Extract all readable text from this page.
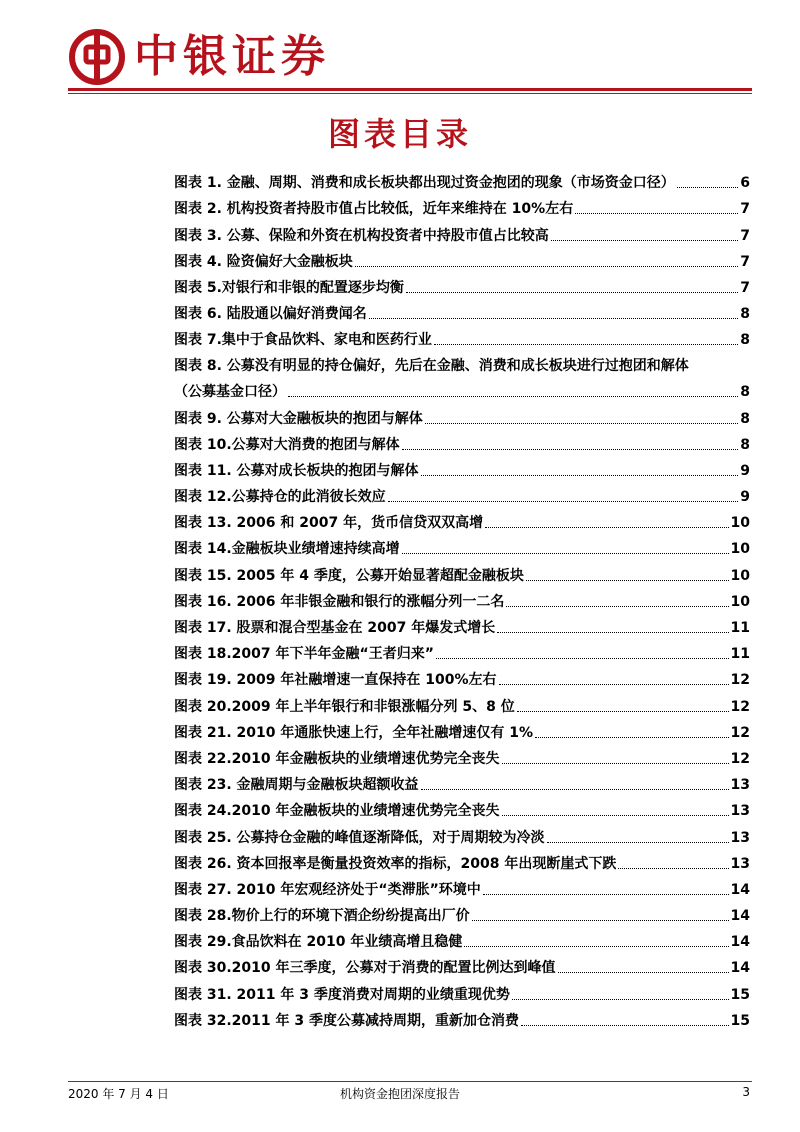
中银证券
图表目录
图表 1. 金融、周期、消费和成长板块都出现过资金抱团的现象（市场资金口径）	6
图表 2. 机构投资者持股市值占比较低，近年来维持在 10%左右	7
图表 3. 公募、保险和外资在机构投资者中持股市值占比较高	7
图表 4. 险资偏好大金融板块	7
图表 5.对银行和非银的配置逐步均衡	7
图表 6. 陆股通以偏好消费闻名	8
图表 7.集中于食品饮料、家电和医药行业	8
图表 8. 公募没有明显的持仓偏好，先后在金融、消费和成长板块进行过抱团和解体
（公募基金口径）	8
图表 9. 公募对大金融板块的抱团与解体	8
图表 10.公募对大消费的抱团与解体	8
图表 11. 公募对成长板块的抱团与解体	9
图表 12.公募持仓的此消彼长效应	9
图表 13. 2006 和 2007 年，货币信贷双双高增	10
图表 14.金融板块业绩增速持续高增	10
图表 15. 2005 年 4 季度，公募开始显著超配金融板块	10
图表 16. 2006 年非银金融和银行的涨幅分列一二名	10
图表 17. 股票和混合型基金在 2007 年爆发式增长	11
图表 18.2007 年下半年金融“王者归来”	11
图表 19. 2009 年社融增速一直保持在 100%左右	12
图表 20.2009 年上半年银行和非银涨幅分列 5、8 位	12
图表 21. 2010 年通胀快速上行，全年社融增速仅有 1%	12
图表 22.2010 年金融板块的业绩增速优势完全丧失	12
图表 23. 金融周期与金融板块超额收益	13
图表 24.2010 年金融板块的业绩增速优势完全丧失	13
图表 25. 公募持仓金融的峰值逐渐降低，对于周期较为冷淡	13
图表 26. 资本回报率是衡量投资效率的指标，2008 年出现断崖式下跌	13
图表 27. 2010 年宏观经济处于“类滞胀”环境中	14
图表 28.物价上行的环境下酒企纷纷提高出厂价	14
图表 29.食品饮料在 2010 年业绩高增且稳健	14
图表 30.2010 年三季度，公募对于消费的配置比例达到峰值	14
图表 31. 2011 年 3 季度消费对周期的业绩重现优势	15
图表 32.2011 年 3 季度公募减持周期，重新加仓消费	15
2020 年 7 月 4 日	机构资金抱团深度报告	3
